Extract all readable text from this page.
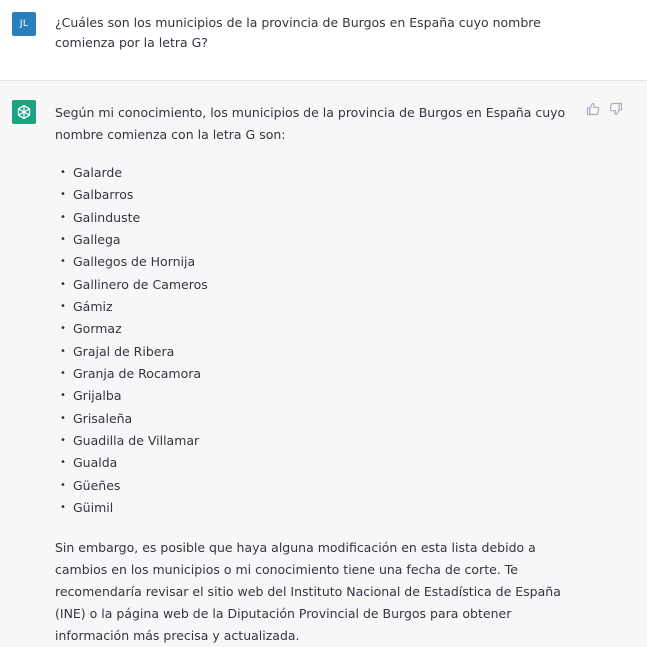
JL	¿Cuáles son los municipios de la provincia de Burgos en España cuyo nombre comienza por la letra G?

Según mi conocimiento, los municipios de la provincia de Burgos en España cuyo nombre comienza con la letra G son:

• Galarde
• Galbarros
• Galinduste
• Gallega
• Gallegos de Hornija
• Gallinero de Cameros
• Gámiz
• Gormaz
• Grajal de Ribera
• Granja de Rocamora
• Grijalba
• Grisaleña
• Guadilla de Villamar
• Gualda
• Güeñes
• Güimil

Sin embargo, es posible que haya alguna modificación en esta lista debido a cambios en los municipios o mi conocimiento tiene una fecha de corte. Te recomendaría revisar el sitio web del Instituto Nacional de Estadística de España (INE) o la página web de la Diputación Provincial de Burgos para obtener información más precisa y actualizada.
